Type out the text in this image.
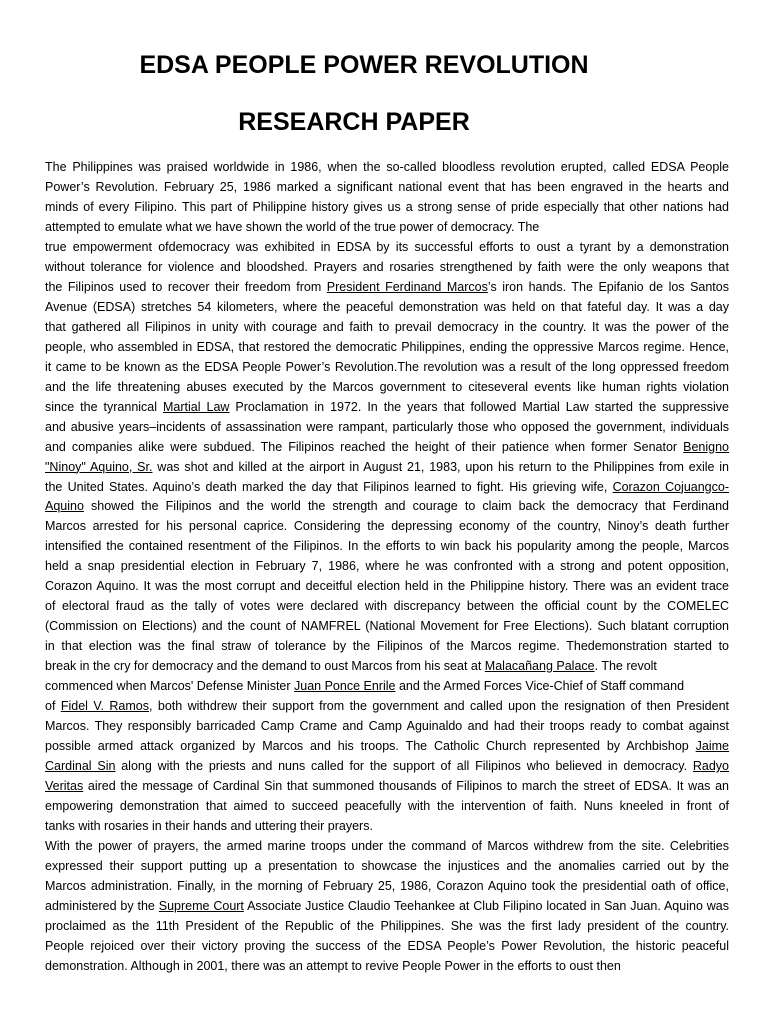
EDSA PEOPLE POWER REVOLUTION
RESEARCH PAPER
The Philippines was praised worldwide in 1986, when the so-called bloodless revolution erupted, called EDSA People
Power’s Revolution. February 25, 1986 marked a significant national event that has been engraved in the hearts and
minds of every Filipino. This part of Philippine history gives us a strong sense of pride especially that other nations had
attempted to emulate what we have shown the world of the true power of democracy. The
true empowerment ofdemocracy was exhibited in EDSA by its successful efforts to oust a tyrant by a demonstration
without tolerance for violence and bloodshed. Prayers and rosaries strengthened by faith were the only weapons that
the Filipinos used to recover their freedom from President Ferdinand Marcos’s iron hands. The Epifanio de los Santos
Avenue (EDSA) stretches 54 kilometers, where the peaceful demonstration was held on that fateful day. It was a day
that gathered all Filipinos in unity with courage and faith to prevail democracy in the country. It was the power of the
people, who assembled in EDSA, that restored the democratic Philippines, ending the oppressive Marcos regime. Hence,
it came to be known as the EDSA People Power’s Revolution.The revolution was a result of the long oppressed freedom
and the life threatening abuses executed by the Marcos government to citeseveral events like human rights violation
since the tyrannical Martial Law Proclamation in 1972. In the years that followed Martial Law started the suppressive
and abusive years–incidents of assassination were rampant, particularly those who opposed the government, individuals
and companies alike were subdued. The Filipinos reached the height of their patience when former Senator Benigno
"Ninoy" Aquino, Sr. was shot and killed at the airport in August 21, 1983, upon his return to the Philippines from exile in
the United States. Aquino’s death marked the day that Filipinos learned to fight. His grieving wife, Corazon Cojuangco-
Aquino showed the Filipinos and the world the strength and courage to claim back the democracy that Ferdinand
Marcos arrested for his personal caprice. Considering the depressing economy of the country, Ninoy’s death further
intensified the contained resentment of the Filipinos. In the efforts to win back his popularity among the people, Marcos
held a snap presidential election in February 7, 1986, where he was confronted with a strong and potent opposition,
Corazon Aquino. It was the most corrupt and deceitful election held in the Philippine history. There was an evident trace
of electoral fraud as the tally of votes were declared with discrepancy between the official count by the COMELEC
(Commission on Elections) and the count of NAMFREL (National Movement for Free Elections). Such blatant corruption
in that election was the final straw of tolerance by the Filipinos of the Marcos regime. Thedemonstration started to
break in the cry for democracy and the demand to oust Marcos from his seat at Malacañang Palace. The revolt
commenced when Marcos' Defense Minister Juan Ponce Enrile and the Armed Forces Vice-Chief of Staff command
of Fidel V. Ramos, both withdrew their support from the government and called upon the resignation of then President
Marcos. They responsibly barricaded Camp Crame and Camp Aguinaldo and had their troops ready to combat against
possible armed attack organized by Marcos and his troops. The Catholic Church represented by Archbishop Jaime
Cardinal Sin along with the priests and nuns called for the support of all Filipinos who believed in democracy. Radyo
Veritas aired the message of Cardinal Sin that summoned thousands of Filipinos to march the street of EDSA. It was an
empowering demonstration that aimed to succeed peacefully with the intervention of faith. Nuns kneeled in front of
tanks with rosaries in their hands and uttering their prayers.
With the power of prayers, the armed marine troops under the command of Marcos withdrew from the site. Celebrities
expressed their support putting up a presentation to showcase the injustices and the anomalies carried out by the
Marcos administration. Finally, in the morning of February 25, 1986, Corazon Aquino took the presidential oath of office,
administered by the Supreme Court Associate Justice Claudio Teehankee at Club Filipino located in San Juan. Aquino was
proclaimed as the 11th President of the Republic of the Philippines. She was the first lady president of the country.
People rejoiced over their victory proving the success of the EDSA People’s Power Revolution, the historic peaceful
demonstration. Although in 2001, there was an attempt to revive People Power in the efforts to oust then
